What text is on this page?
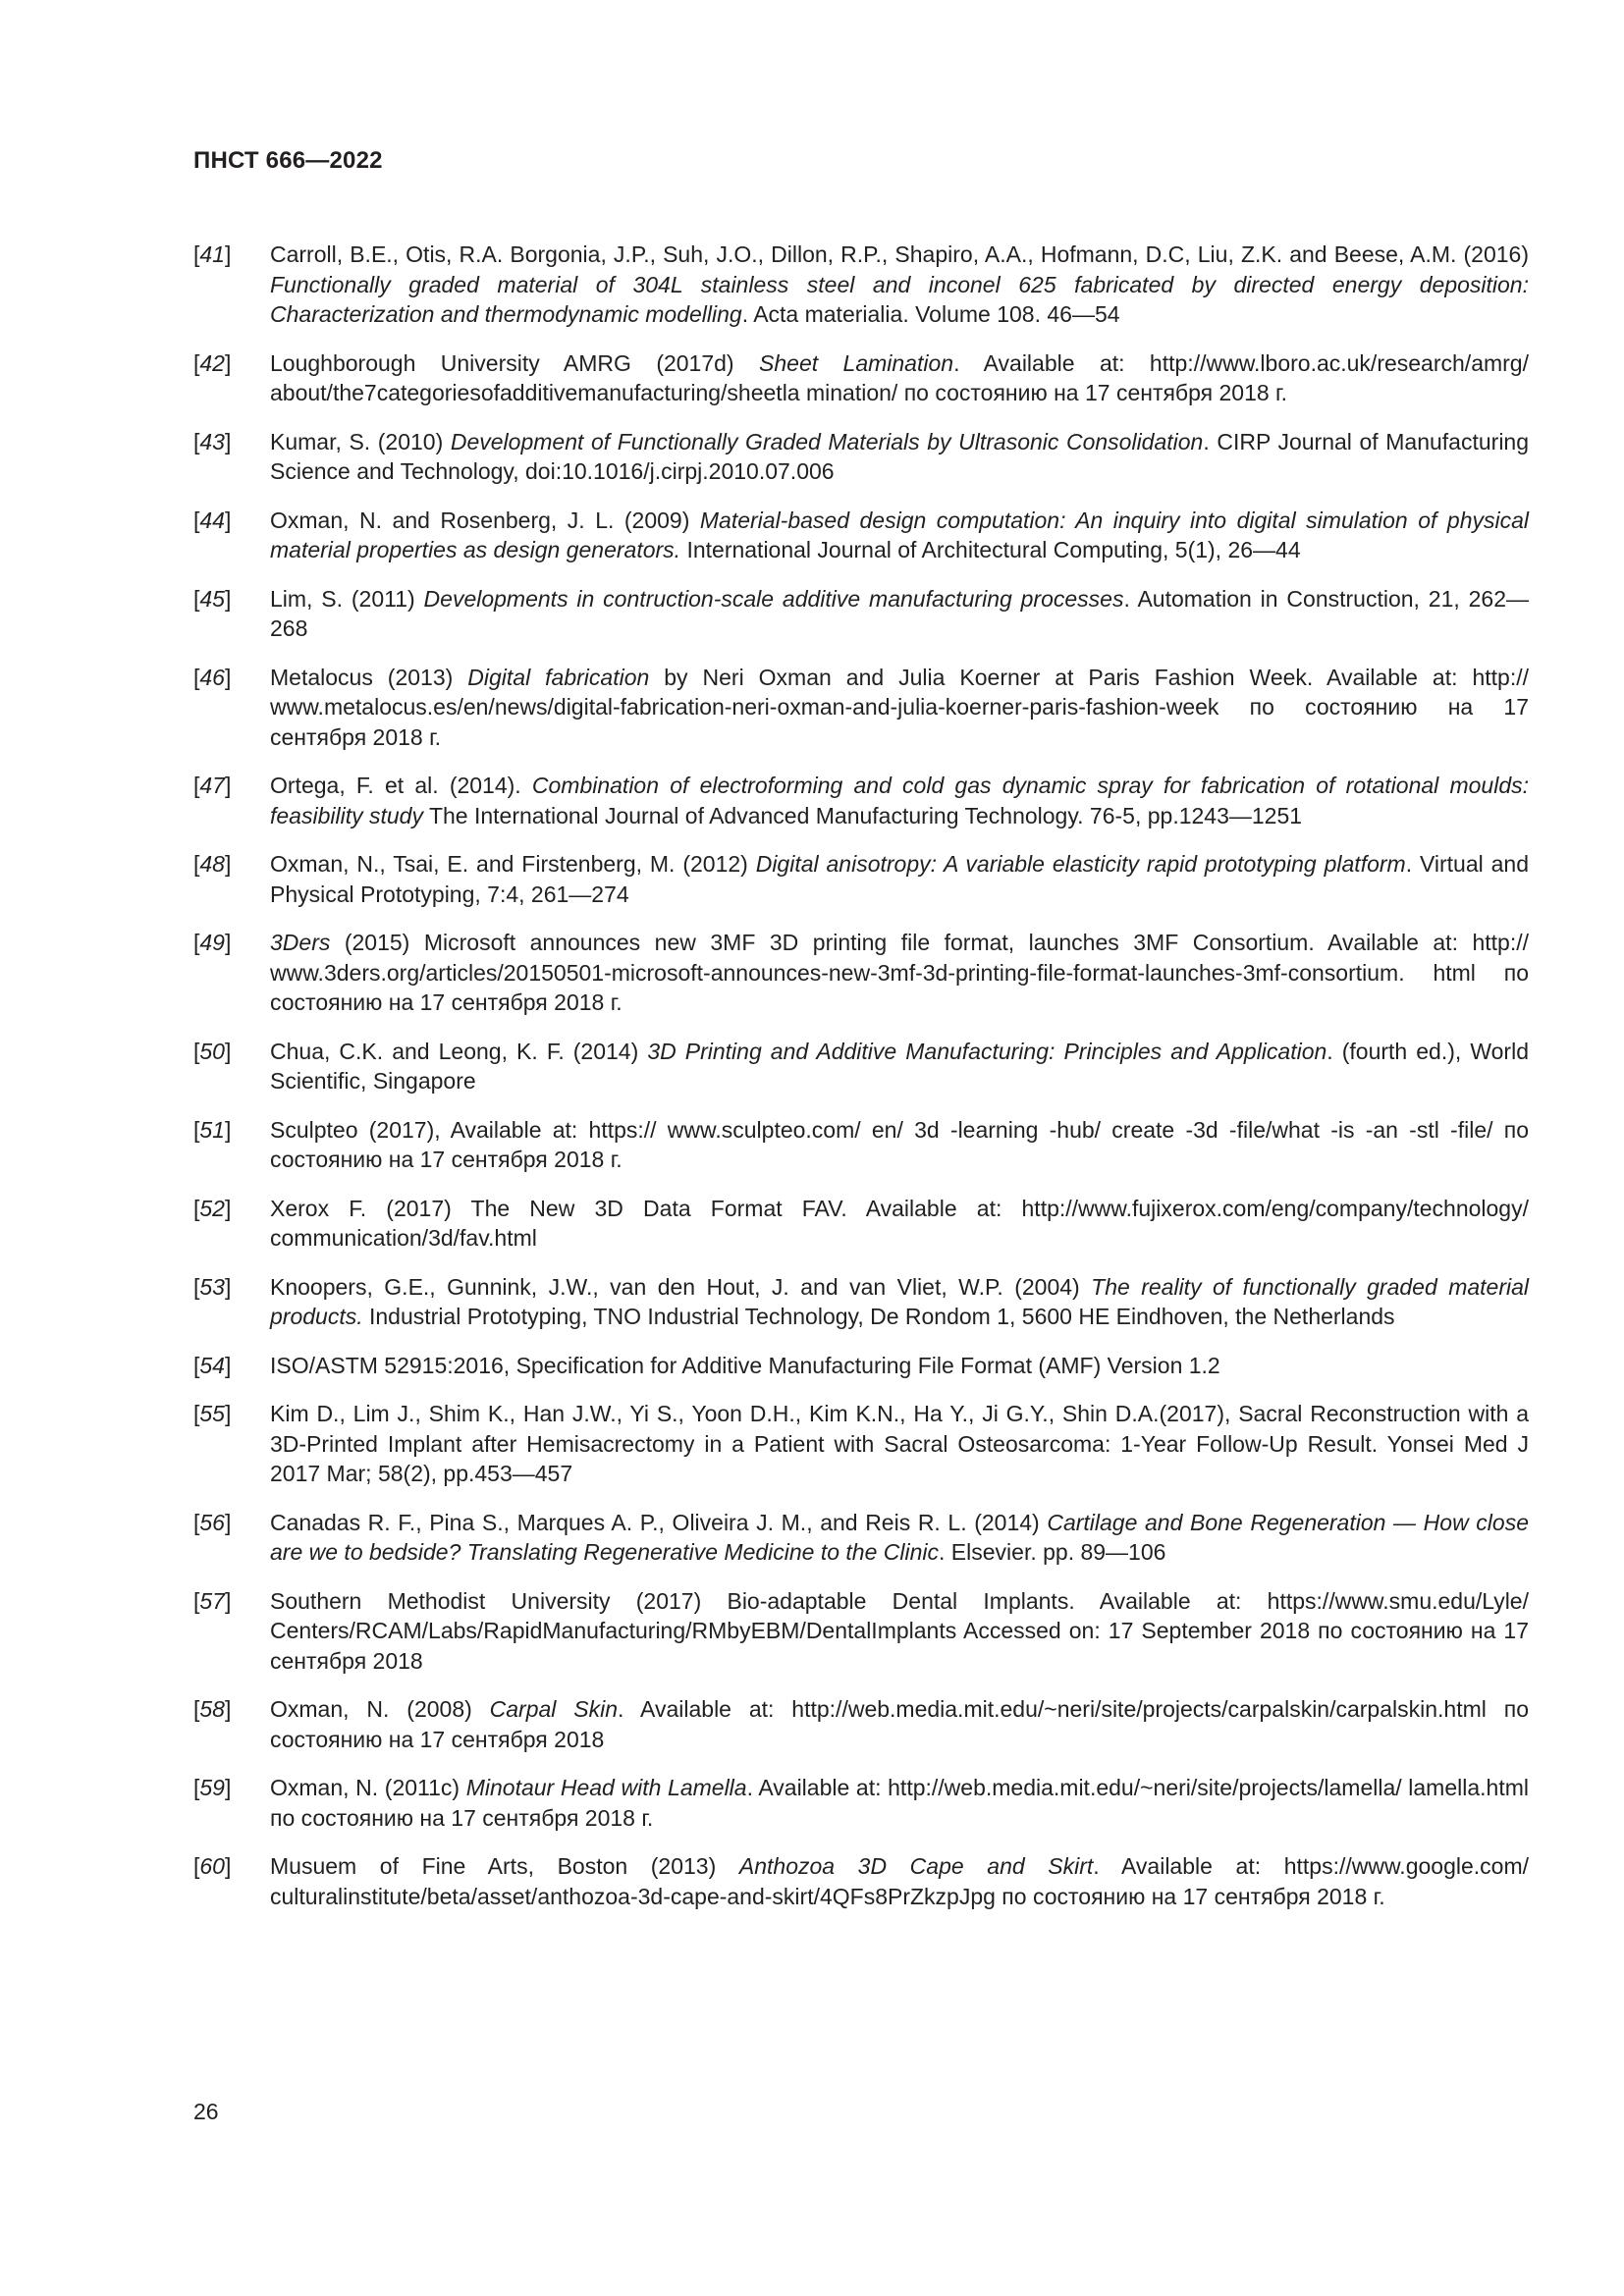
ПНСТ 666—2022
[41]	Carroll, B.E., Otis, R.A. Borgonia, J.P., Suh, J.O., Dillon, R.P., Shapiro, A.A., Hofmann, D.C, Liu, Z.K. and Beese, A.M. (2016) Functionally graded material of 304L stainless steel and inconel 625 fabricated by directed energy deposition: Characterization and thermodynamic modelling. Acta materialia. Volume 108. 46—54
[42]	Loughborough University AMRG (2017d) Sheet Lamination. Available at: http://www.lboro.ac.uk/research/amrg/ about/the7categoriesofadditivemanufacturing/sheetla mination/ по состоянию на 17 сентября 2018 г.
[43]	Kumar, S. (2010) Development of Functionally Graded Materials by Ultrasonic Consolidation. CIRP Journal of Manufacturing Science and Technology, doi:10.1016/j.cirpj.2010.07.006
[44]	Oxman, N. and Rosenberg, J. L. (2009) Material-based design computation: An inquiry into digital simulation of physical material properties as design generators. International Journal of Architectural Computing, 5(1), 26—44
[45]	Lim, S. (2011) Developments in contruction-scale additive manufacturing processes. Automation in Construction, 21, 262—268
[46]	Metalocus (2013) Digital fabrication by Neri Oxman and Julia Koerner at Paris Fashion Week. Available at: http:// www.metalocus.es/en/news/digital-fabrication-neri-oxman-and-julia-koerner-paris-fashion-week по состоянию на 17 сентября 2018 г.
[47]	Ortega, F. et al. (2014). Combination of electroforming and cold gas dynamic spray for fabrication of rotational moulds: feasibility study The International Journal of Advanced Manufacturing Technology. 76-5, pp.1243—1251
[48]	Oxman, N., Tsai, E. and Firstenberg, M. (2012) Digital anisotropy: A variable elasticity rapid prototyping platform. Virtual and Physical Prototyping, 7:4, 261—274
[49]	3Ders (2015) Microsoft announces new 3MF 3D printing file format, launches 3MF Consortium. Available at: http:// www.3ders.org/articles/20150501-microsoft-announces-new-3mf-3d-printing-file-format-launches-3mf-consortium. html по состоянию на 17 сентября 2018 г.
[50]	Chua, C.K. and Leong, K. F. (2014) 3D Printing and Additive Manufacturing: Principles and Application. (fourth ed.), World Scientific, Singapore
[51]	Sculpteo (2017), Available at: https:// www.sculpteo.com/ en/ 3d -learning -hub/ create -3d -file/what -is -an -stl -file/ по состоянию на 17 сентября 2018 г.
[52]	Xerox F. (2017) The New 3D Data Format FAV. Available at: http://www.fujixerox.com/eng/company/technology/ communication/3d/fav.html
[53]	Knoopers, G.E., Gunnink, J.W., van den Hout, J. and van Vliet, W.P. (2004) The reality of functionally graded material products. Industrial Prototyping, TNO Industrial Technology, De Rondom 1, 5600 HE Eindhoven, the Netherlands
[54]	ISO/ASTM 52915:2016, Specification for Additive Manufacturing File Format (AMF) Version 1.2
[55]	Kim D., Lim J., Shim K., Han J.W., Yi S., Yoon D.H., Kim K.N., Ha Y., Ji G.Y., Shin D.A.(2017), Sacral Reconstruction with a 3D-Printed Implant after Hemisacrectomy in a Patient with Sacral Osteosarcoma: 1-Year Follow-Up Result. Yonsei Med J 2017 Mar; 58(2), pp.453—457
[56]	Canadas R. F., Pina S., Marques A. P., Oliveira J. M., and Reis R. L. (2014) Cartilage and Bone Regeneration — How close are we to bedside? Translating Regenerative Medicine to the Clinic. Elsevier. pp. 89—106
[57]	Southern Methodist University (2017) Bio-adaptable Dental Implants. Available at: https://www.smu.edu/Lyle/ Centers/RCAM/Labs/RapidManufacturing/RMbyEBM/DentalImplants Accessed on: 17 September 2018 по состоянию на 17 сентября 2018
[58]	Oxman, N. (2008) Carpal Skin. Available at: http://web.media.mit.edu/~neri/site/projects/carpalskin/carpalskin.html по состоянию на 17 сентября 2018
[59]	Oxman, N. (2011c) Minotaur Head with Lamella. Available at: http://web.media.mit.edu/~neri/site/projects/lamella/ lamella.html по состоянию на 17 сентября 2018 г.
[60]	Musuem of Fine Arts, Boston (2013) Anthozoa 3D Cape and Skirt. Available at: https://www.google.com/ culturalinstitute/beta/asset/anthozoa-3d-cape-and-skirt/4QFs8PrZkzpJpg по состоянию на 17 сентября 2018 г.
26
